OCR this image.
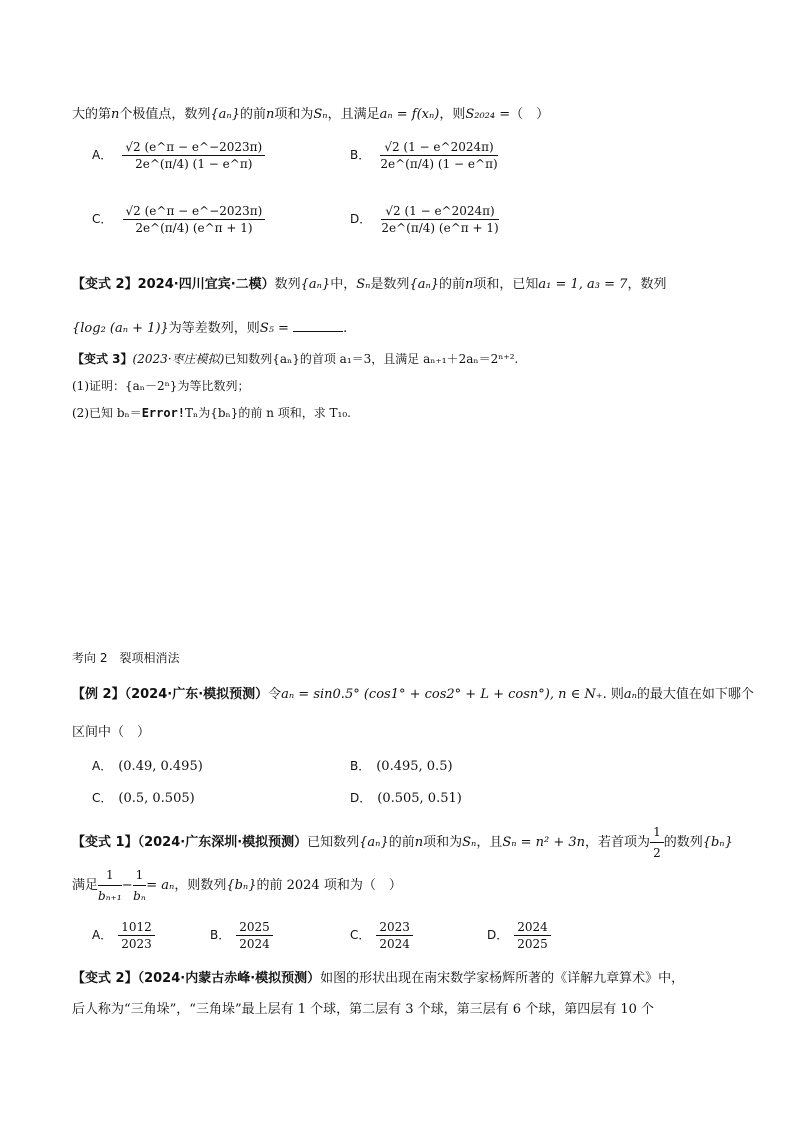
大的第n个极值点，数列{aₙ}的前n项和为Sₙ，且满足aₙ = f(xₙ)，则S₂₀₂₄ =（　）
A． $\frac{√2 (e\^{}\pi - e\^{}-2023\pi)}{2e\^{}(\pi/4) (1 - e\^{}\pi)}$	B． $\frac{√2 (1 - e\^{}2024\pi)}{2e\^{}(\pi/4) (1 - e\^{}\pi)}$
C． $\frac{√2 (e\^{}\pi - e\^{}-2023\pi)}{2e\^{}(\pi/4) (e\^{}\pi + 1)}$	D． $\frac{√2 (1 - e\^{}2024\pi)}{2e\^{}(\pi/4) (e\^{}\pi + 1)}$
【变式 2】2024·四川宜宾·二模）数列{aₙ}中，Sₙ是数列{aₙ}的前n项和，已知a₁ = 1, a₃ = 7，数列
{log₂ (aₙ + 1)}为等差数列，则S₅ =	.
【变式 3】(2023·枣庄模拟)已知数列{aₙ}的首项 a₁＝3，且满足 aₙ₊₁＋2aₙ＝2ⁿ⁺².
(1)证明：{aₙ－2ⁿ}为等比数列；
(2)已知 bₙ＝Error!Tₙ为{bₙ}的前 n 项和，求 T₁₀.
考向 2　裂项相消法
【例 2】（2024·广东·模拟预测）令aₙ = sin0.5° (cos1° + cos2° + L + cosn°), n ∈ N₊. 则aₙ的最大值在如下哪个
区间中（　）
A． (0.49, 0.495)	B． (0.495, 0.5)
C． (0.5, 0.505)	D． (0.505, 0.51)
【变式 1】（2024·广东深圳·模拟预测）已知数列{aₙ}的前n项和为Sₙ，且Sₙ = n² + 3n，若首项为 $\frac{1}{2}$ 的数列{bₙ}
满足 $\frac{1}{\text{bₙ₊₁}} - \frac{1}{\text{bₙ}} = a_n$，则数列{bₙ}的前 2024 项和为（　）
A． $\frac{1012}{2023}$	B． $\frac{2025}{2024}$	C． $\frac{2023}{2024}$	D． $\frac{2024}{2025}$
【变式 2】（2024·内蒙古赤峰·模拟预测）如图的形状出现在南宋数学家杨辉所著的《详解九章算术》中，
后人称为“三角垛”，“三角垛”最上层有 1 个球，第二层有 3 个球，第三层有 6 个球，第四层有 10 个
